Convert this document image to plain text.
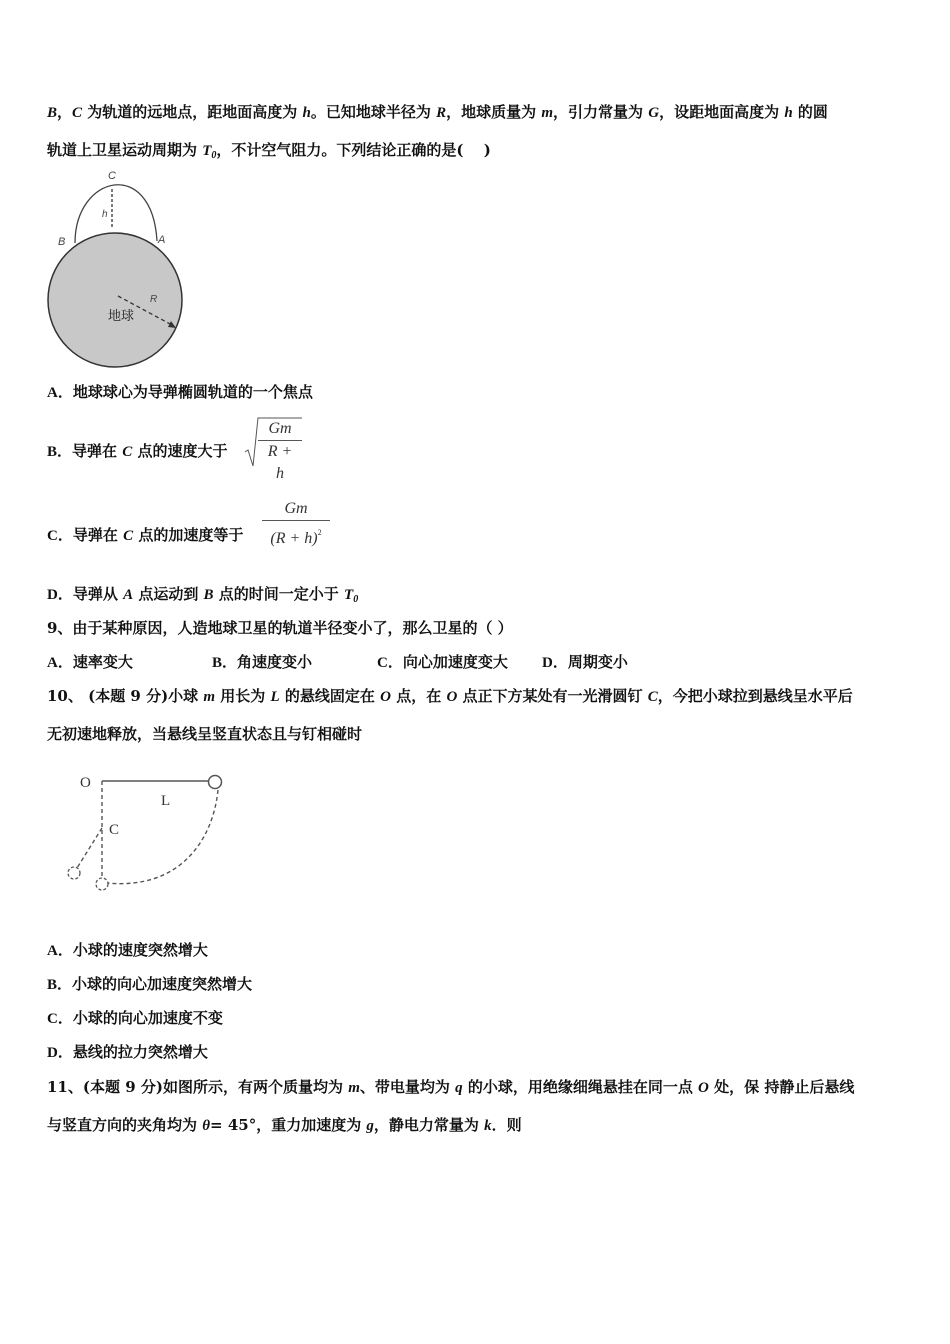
B，C 为轨道的远地点，距地面高度为 h。已知地球半径为 R，地球质量为 m，引力常量为 G，设距地面高度为 h 的圆
轨道上卫星运动周期为 $T_0$，不计空气阻力。下列结论正确的是(　 )
C
h
B	A
R
地球
A．地球球心为导弹椭圆轨道的一个焦点
B．导弹在 C 点的速度大于 $\frac{Gm}{R + h}$
C．导弹在 C 点的加速度等于 $\frac{Gm}{(R + h)^2}$
D．导弹从 A 点运动到 B 点的时间一定小于 $T_0$
9、由于某种原因，人造地球卫星的轨道半径变小了，那么卫星的（ ）
A．速率变大	B．角速度变小	C．向心加速度变大 D．周期变小
10、 (本题 9 分)小球 m 用长为 L 的悬线固定在 O 点，在 O 点正下方某处有一光滑圆钉 C，今把小球拉到悬线呈水平后
无初速地释放，当悬线呈竖直状态且与钉相碰时
O
L
C
A．小球的速度突然增大
B．小球的向心加速度突然增大
C．小球的向心加速度不变
D．悬线的拉力突然增大
11、(本题 9 分)如图所示，有两个质量均为 m、带电量均为 q 的小球，用绝缘细绳悬挂在同一点 O 处，保 持静止后悬线
与竖直方向的夹角均为 θ= 45°，重力加速度为 g，静电力常量为 k．则
